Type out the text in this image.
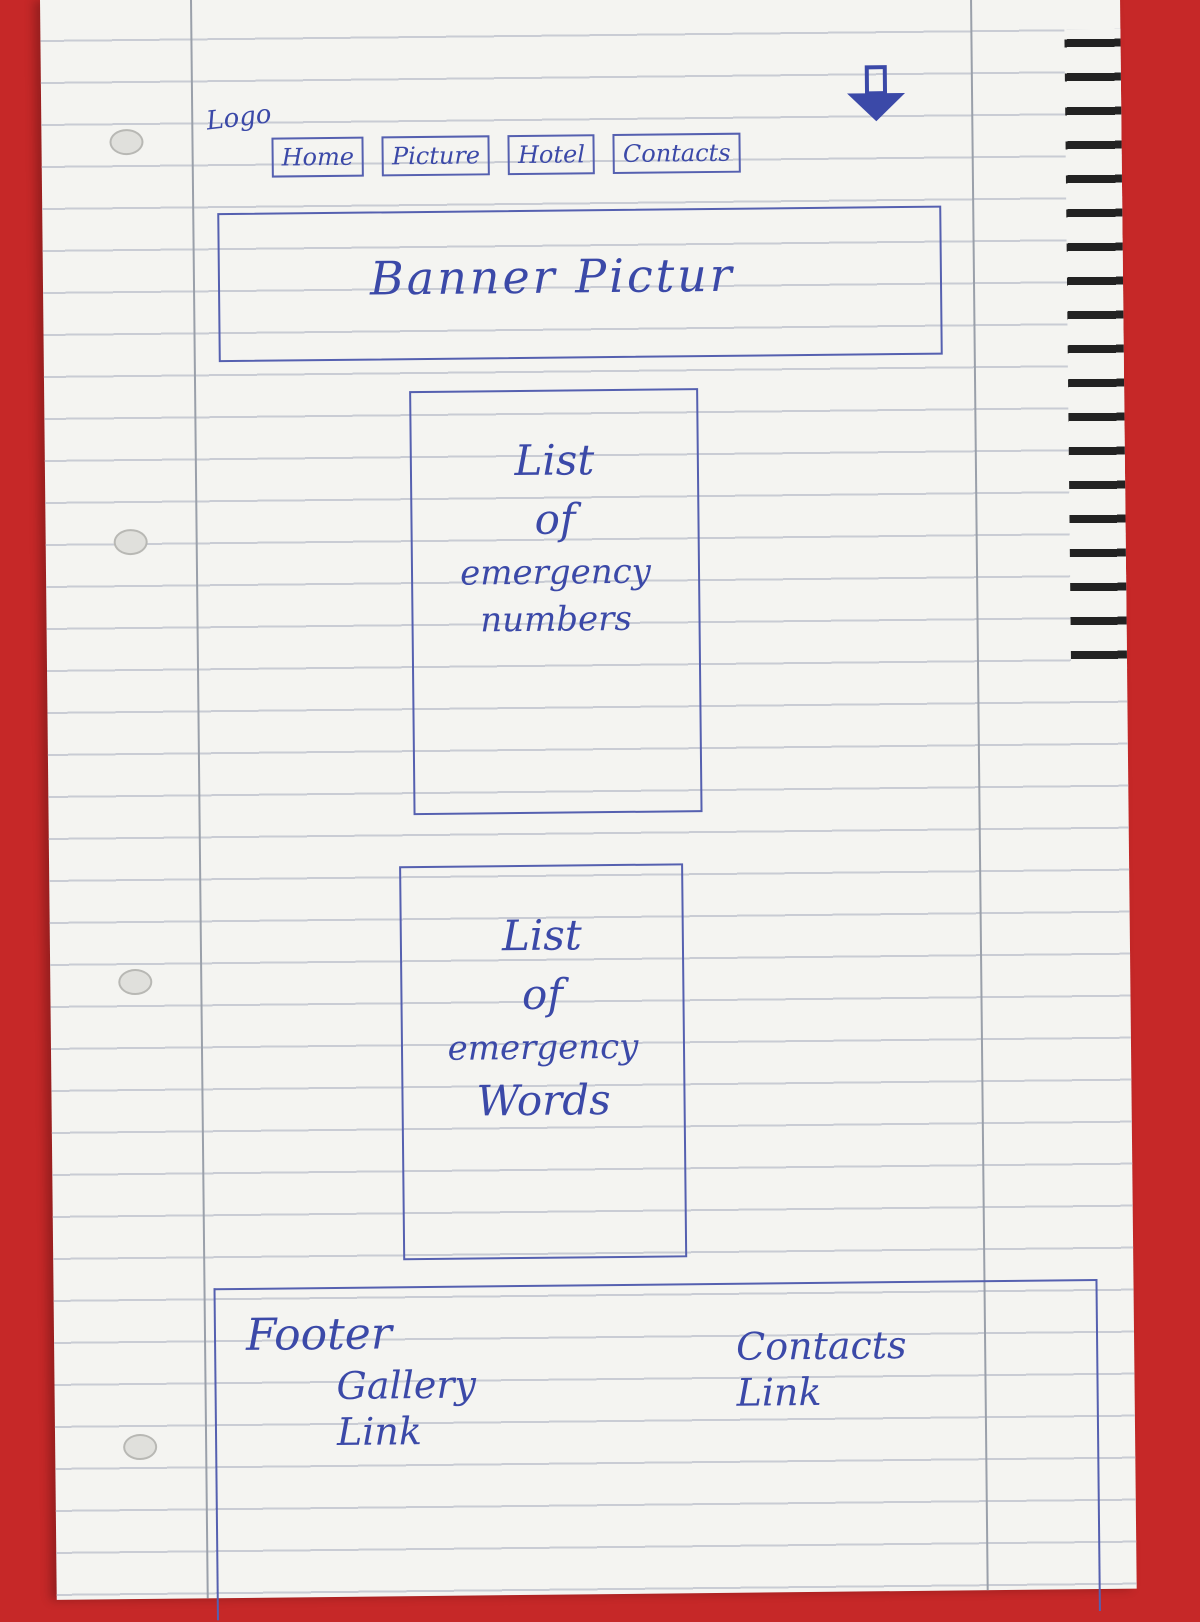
Logo
Home	Picture	Hotel	Contacts
Banner Pictur
List
of
emergency
numbers
List
of
emergency
Words
Footer
Gallery
Link
Contacts
Link
